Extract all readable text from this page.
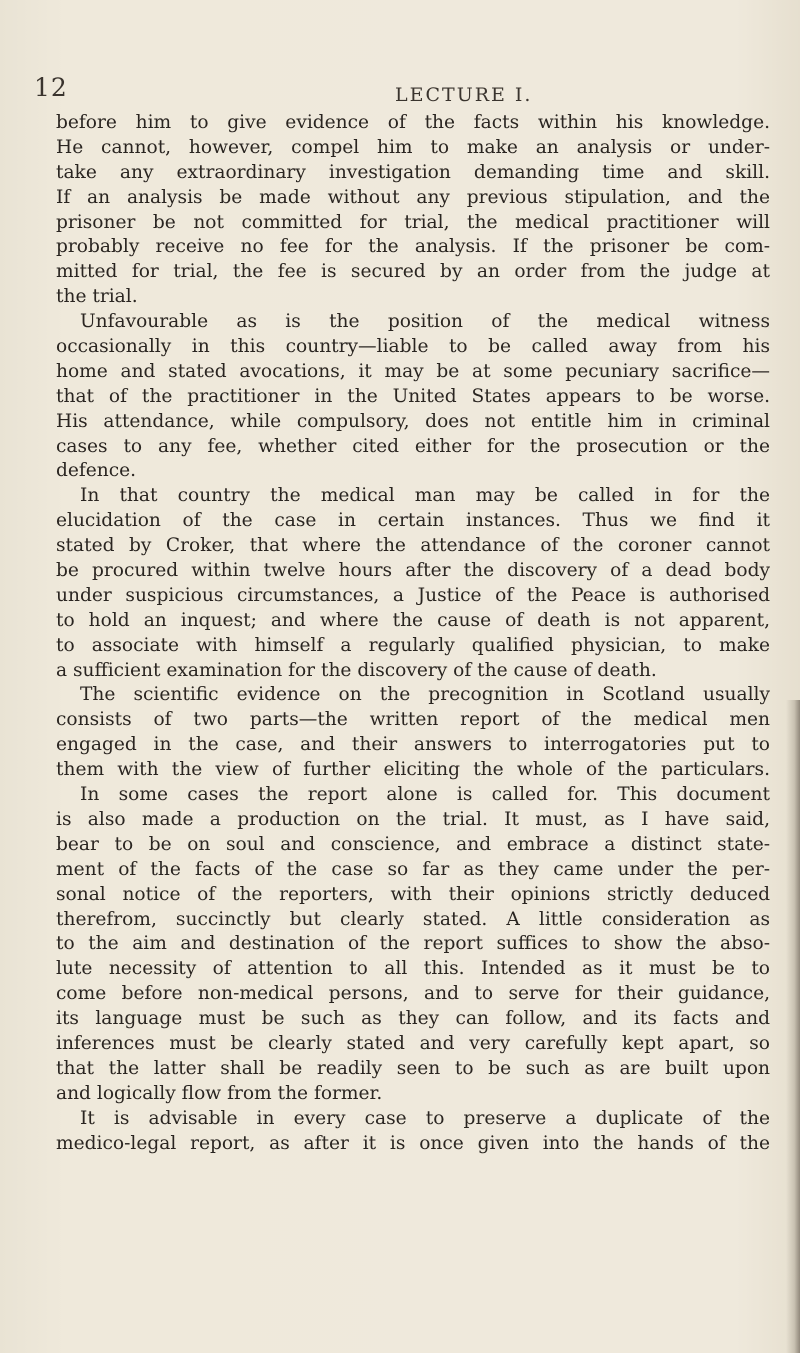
12	LECTURE I.
before him to give evidence of the facts within his knowledge.
He cannot, however, compel him to make an analysis or under-
take any extraordinary investigation demanding time and skill.
If an analysis be made without any previous stipulation, and the
prisoner be not committed for trial, the medical practitioner will
probably receive no fee for the analysis. If the prisoner be com-
mitted for trial, the fee is secured by an order from the judge at
the trial.
Unfavourable as is the position of the medical witness
occasionally in this country—liable to be called away from his
home and stated avocations, it may be at some pecuniary sacrifice—
that of the practitioner in the United States appears to be worse.
His attendance, while compulsory, does not entitle him in criminal
cases to any fee, whether cited either for the prosecution or the
defence.
In that country the medical man may be called in for the
elucidation of the case in certain instances. Thus we find it
stated by Croker, that where the attendance of the coroner cannot
be procured within twelve hours after the discovery of a dead body
under suspicious circumstances, a Justice of the Peace is authorised
to hold an inquest; and where the cause of death is not apparent,
to associate with himself a regularly qualified physician, to make
a sufficient examination for the discovery of the cause of death.
The scientific evidence on the precognition in Scotland usually
consists of two parts—the written report of the medical men
engaged in the case, and their answers to interrogatories put to
them with the view of further eliciting the whole of the particulars.
In some cases the report alone is called for. This document
is also made a production on the trial. It must, as I have said,
bear to be on soul and conscience, and embrace a distinct state-
ment of the facts of the case so far as they came under the per-
sonal notice of the reporters, with their opinions strictly deduced
therefrom, succinctly but clearly stated. A little consideration as
to the aim and destination of the report suffices to show the abso-
lute necessity of attention to all this. Intended as it must be to
come before non-medical persons, and to serve for their guidance,
its language must be such as they can follow, and its facts and
inferences must be clearly stated and very carefully kept apart, so
that the latter shall be readily seen to be such as are built upon
and logically flow from the former.
It is advisable in every case to preserve a duplicate of the
medico-legal report, as after it is once given into the hands of the
